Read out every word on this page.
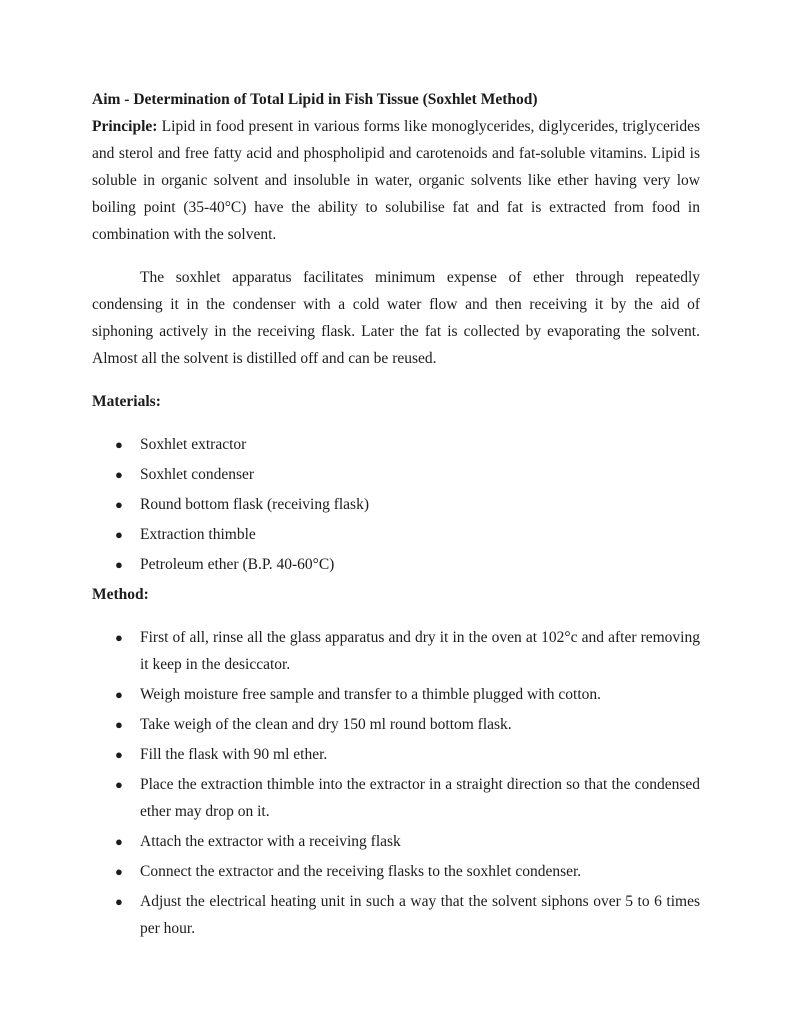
Aim - Determination of Total Lipid in Fish Tissue (Soxhlet Method)

Principle: Lipid in food present in various forms like monoglycerides, diglycerides, triglycerides and sterol and free fatty acid and phospholipid and carotenoids and fat-soluble vitamins. Lipid is soluble in organic solvent and insoluble in water, organic solvents like ether having very low boiling point (35-40°C) have the ability to solubilise fat and fat is extracted from food in combination with the solvent.

The soxhlet apparatus facilitates minimum expense of ether through repeatedly condensing it in the condenser with a cold water flow and then receiving it by the aid of siphoning actively in the receiving flask. Later the fat is collected by evaporating the solvent. Almost all the solvent is distilled off and can be reused.

Materials:

●	Soxhlet extractor
●	Soxhlet condenser
●	Round bottom flask (receiving flask)
●	Extraction thimble
●	Petroleum ether (B.P. 40-60°C)

Method:

●	First of all, rinse all the glass apparatus and dry it in the oven at 102°c and after removing it keep in the desiccator.
●	Weigh moisture free sample and transfer to a thimble plugged with cotton.
●	Take weigh of the clean and dry 150 ml round bottom flask.
●	Fill the flask with 90 ml ether.
●	Place the extraction thimble into the extractor in a straight direction so that the condensed ether may drop on it.
●	Attach the extractor with a receiving flask
●	Connect the extractor and the receiving flasks to the soxhlet condenser.
●	Adjust the electrical heating unit in such a way that the solvent siphons over 5 to 6 times per hour.
